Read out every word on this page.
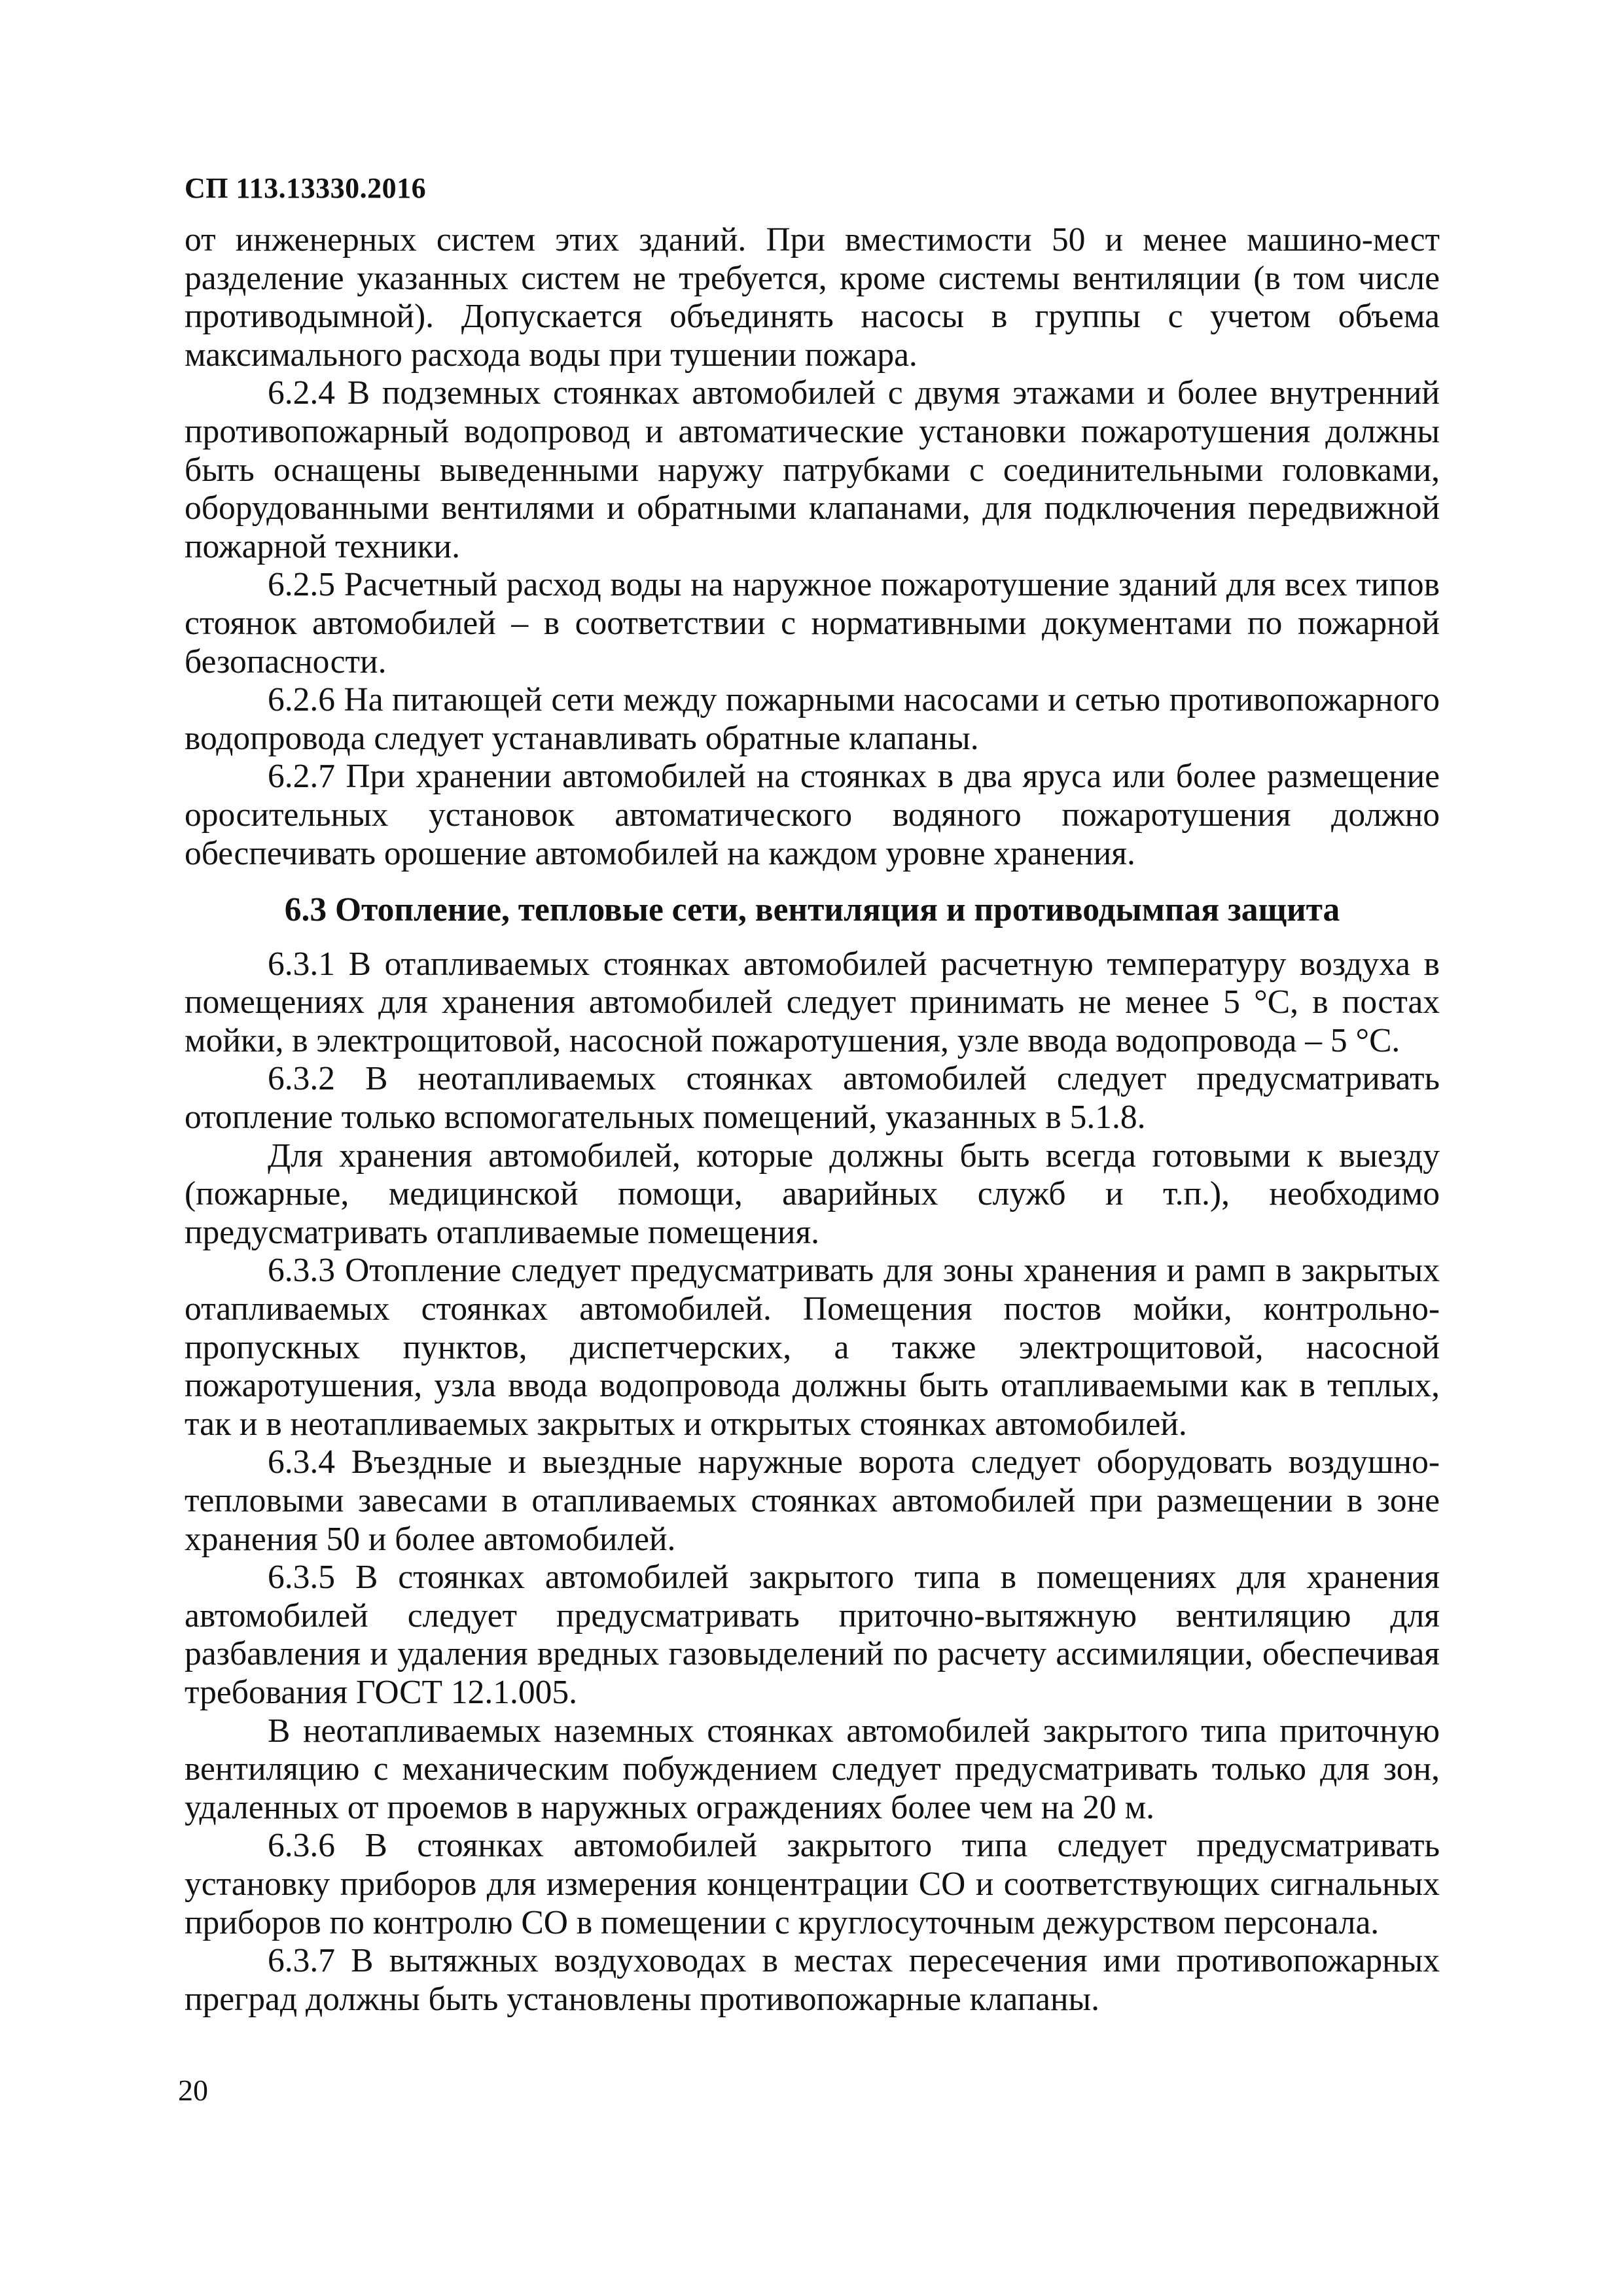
СП 113.13330.2016

от инженерных систем этих зданий. При вместимости 50 и менее машино-мест разделение указанных систем не требуется, кроме системы вентиляции (в том числе противодымной). Допускается объединять насосы в группы с учетом объема максимального расхода воды при тушении пожара.

6.2.4 В подземных стоянках автомобилей с двумя этажами и более внутренний противопожарный водопровод и автоматические установки пожаротушения должны быть оснащены выведенными наружу патрубками с соединительными головками, оборудованными вентилями и обратными клапанами, для подключения передвижной пожарной техники.

6.2.5 Расчетный расход воды на наружное пожаротушение зданий для всех типов стоянок автомобилей – в соответствии с нормативными документами по пожарной безопасности.

6.2.6 На питающей сети между пожарными насосами и сетью противопожарного водопровода следует устанавливать обратные клапаны.

6.2.7 При хранении автомобилей на стоянках в два яруса или более размещение оросительных установок автоматического водяного пожаротушения должно обеспечивать орошение автомобилей на каждом уровне хранения.

6.3 Отопление, тепловые сети, вентиляция и противодымпая защита

6.3.1 В отапливаемых стоянках автомобилей расчетную температуру воздуха в помещениях для хранения автомобилей следует принимать не менее 5 °С, в постах мойки, в электрощитовой, насосной пожаротушения, узле ввода водопровода – 5 °С.

6.3.2 В неотапливаемых стоянках автомобилей следует предусматривать отопление только вспомогательных помещений, указанных в 5.1.8.

Для хранения автомобилей, которые должны быть всегда готовыми к выезду (пожарные, медицинской помощи, аварийных служб и т.п.), необходимо предусматривать отапливаемые помещения.

6.3.3 Отопление следует предусматривать для зоны хранения и рамп в закрытых отапливаемых стоянках автомобилей. Помещения постов мойки, контрольно-пропускных пунктов, диспетчерских, а также электрощитовой, насосной пожаротушения, узла ввода водопровода должны быть отапливаемыми как в теплых, так и в неотапливаемых закрытых и открытых стоянках автомобилей.

6.3.4 Въездные и выездные наружные ворота следует оборудовать воздушно-тепловыми завесами в отапливаемых стоянках автомобилей при размещении в зоне хранения 50 и более автомобилей.

6.3.5 В стоянках автомобилей закрытого типа в помещениях для хранения автомобилей следует предусматривать приточно-вытяжную вентиляцию для разбавления и удаления вредных газовыделений по расчету ассимиляции, обеспечивая требования ГОСТ 12.1.005.

В неотапливаемых наземных стоянках автомобилей закрытого типа приточную вентиляцию с механическим побуждением следует предусматривать только для зон, удаленных от проемов в наружных ограждениях более чем на 20 м.

6.3.6 В стоянках автомобилей закрытого типа следует предусматривать установку приборов для измерения концентрации СО и соответствующих сигнальных приборов по контролю СО в помещении с круглосуточным дежурством персонала.

6.3.7 В вытяжных воздуховодах в местах пересечения ими противопожарных преград должны быть установлены противопожарные клапаны.

20
